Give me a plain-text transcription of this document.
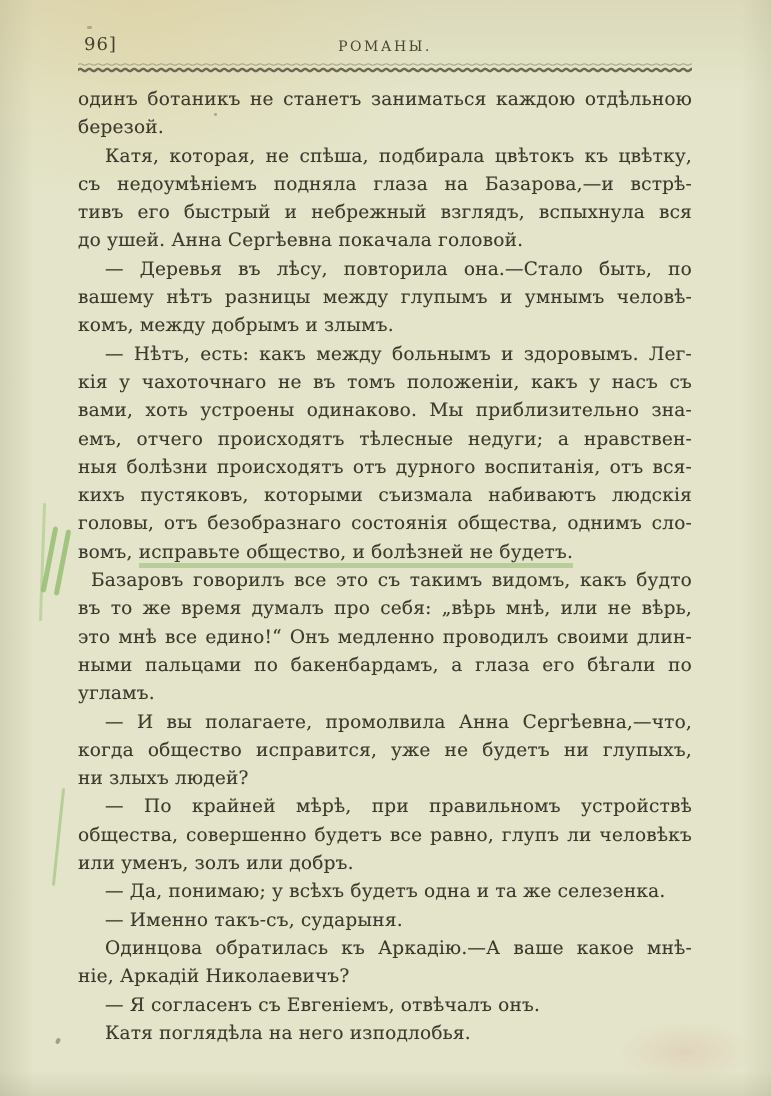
96]	РОМАНЫ.
одинъ ботаникъ не станетъ заниматься каждою отдѣльною
березой.
Катя, которая, не спѣша, подбирала цвѣтокъ къ цвѣтку,
съ недоумѣніемъ подняла глаза на Базарова,—и встрѣ-
тивъ его быстрый и небрежный взглядъ, вспыхнула вся
до ушей. Анна Сергѣевна покачала головой.
— Деревья въ лѣсу, повторила она.—Стало быть, по
вашему нѣтъ разницы между глупымъ и умнымъ человѣ-
комъ, между добрымъ и злымъ.
— Нѣтъ, есть: какъ между больнымъ и здоровымъ. Лег-
кія у чахоточнаго не въ томъ положеніи, какъ у насъ съ
вами, хоть устроены одинаково. Мы приблизительно зна-
емъ, отчего происходятъ тѣлесные недуги; а нравствен-
ныя болѣзни происходятъ отъ дурного воспитанія, отъ вся-
кихъ пустяковъ, которыми съизмала набиваютъ людскія
головы, отъ безобразнаго состоянія общества, однимъ сло-
вомъ, исправьте общество, и болѣзней не будетъ.
Базаровъ говорилъ все это съ такимъ видомъ, какъ будто
въ то же время думалъ про себя: „вѣрь мнѣ, или не вѣрь,
это мнѣ все едино!“ Онъ медленно проводилъ своими длин-
ными пальцами по бакенбардамъ, а глаза его бѣгали по
угламъ.
— И вы полагаете, промолвила Анна Сергѣевна,—что,
когда общество исправится, уже не будетъ ни глупыхъ,
ни злыхъ людей?
— По крайней мѣрѣ, при правильномъ устройствѣ
общества, совершенно будетъ все равно, глупъ ли человѣкъ
или уменъ, золъ или добръ.
— Да, понимаю; у всѣхъ будетъ одна и та же селезенка.
— Именно такъ-съ, сударыня.
Одинцова обратилась къ Аркадію.—А ваше какое мнѣ-
ніе, Аркадій Николаевичъ?
— Я согласенъ съ Евгеніемъ, отвѣчалъ онъ.
Катя поглядѣла на него изподлобья.
